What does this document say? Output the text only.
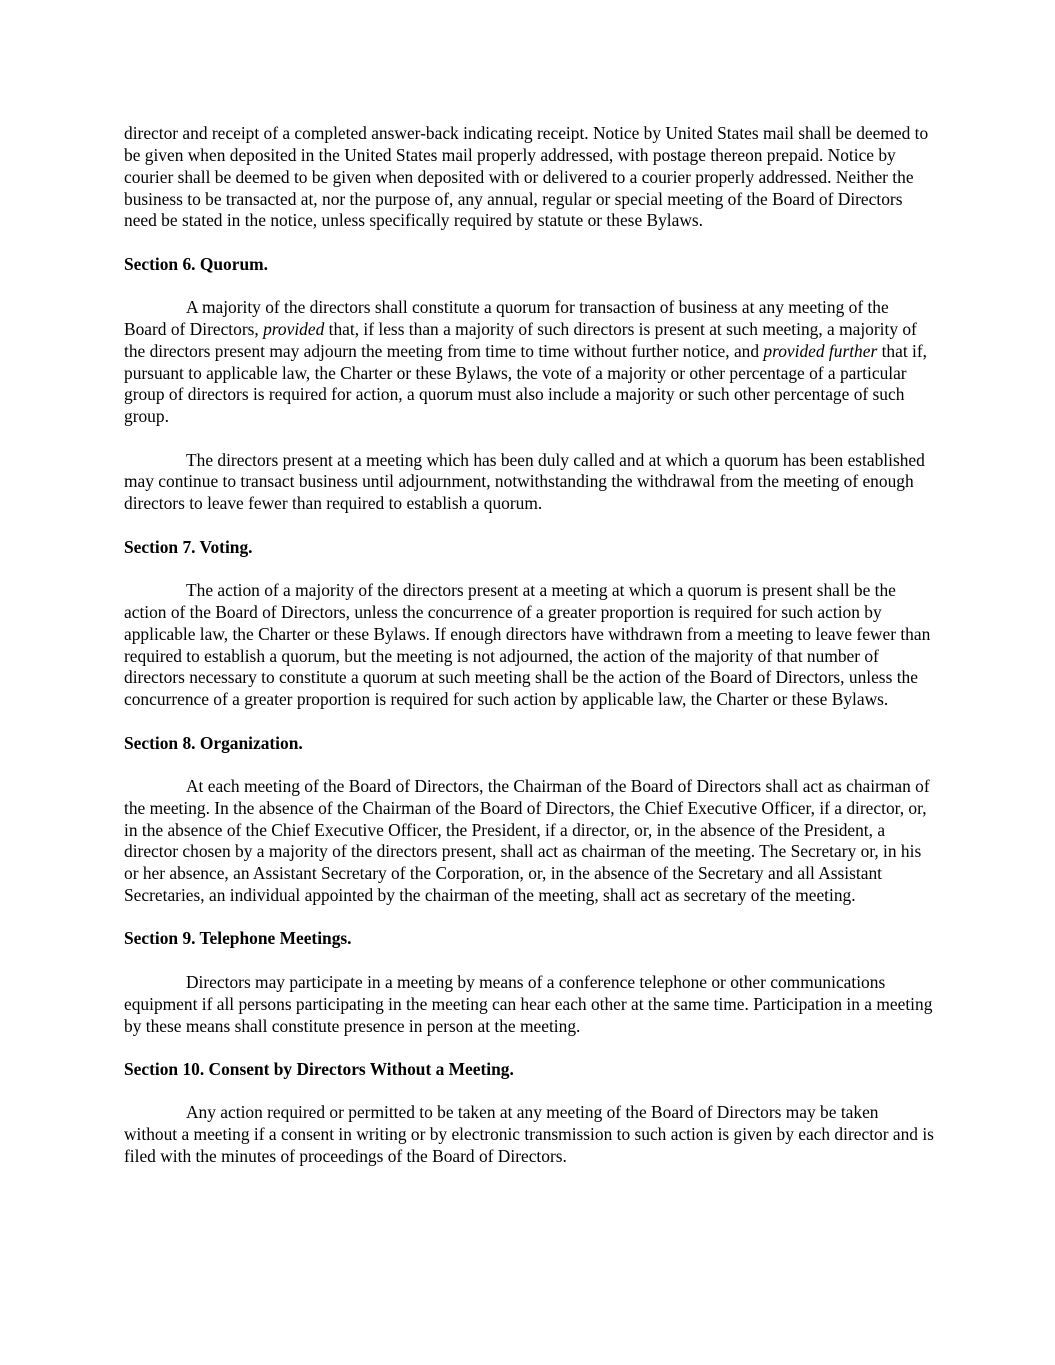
director and receipt of a completed answer-back indicating receipt. Notice by United States mail shall be deemed to be given when deposited in the United States mail properly addressed, with postage thereon prepaid. Notice by courier shall be deemed to be given when deposited with or delivered to a courier properly addressed. Neither the business to be transacted at, nor the purpose of, any annual, regular or special meeting of the Board of Directors need be stated in the notice, unless specifically required by statute or these Bylaws.

Section 6. Quorum.

A majority of the directors shall constitute a quorum for transaction of business at any meeting of the Board of Directors, provided that, if less than a majority of such directors is present at such meeting, a majority of the directors present may adjourn the meeting from time to time without further notice, and provided further that if, pursuant to applicable law, the Charter or these Bylaws, the vote of a majority or other percentage of a particular group of directors is required for action, a quorum must also include a majority or such other percentage of such group.

The directors present at a meeting which has been duly called and at which a quorum has been established may continue to transact business until adjournment, notwithstanding the withdrawal from the meeting of enough directors to leave fewer than required to establish a quorum.

Section 7. Voting.

The action of a majority of the directors present at a meeting at which a quorum is present shall be the action of the Board of Directors, unless the concurrence of a greater proportion is required for such action by applicable law, the Charter or these Bylaws. If enough directors have withdrawn from a meeting to leave fewer than required to establish a quorum, but the meeting is not adjourned, the action of the majority of that number of directors necessary to constitute a quorum at such meeting shall be the action of the Board of Directors, unless the concurrence of a greater proportion is required for such action by applicable law, the Charter or these Bylaws.

Section 8. Organization.

At each meeting of the Board of Directors, the Chairman of the Board of Directors shall act as chairman of the meeting. In the absence of the Chairman of the Board of Directors, the Chief Executive Officer, if a director, or, in the absence of the Chief Executive Officer, the President, if a director, or, in the absence of the President, a director chosen by a majority of the directors present, shall act as chairman of the meeting. The Secretary or, in his or her absence, an Assistant Secretary of the Corporation, or, in the absence of the Secretary and all Assistant Secretaries, an individual appointed by the chairman of the meeting, shall act as secretary of the meeting.

Section 9. Telephone Meetings.

Directors may participate in a meeting by means of a conference telephone or other communications equipment if all persons participating in the meeting can hear each other at the same time. Participation in a meeting by these means shall constitute presence in person at the meeting.

Section 10. Consent by Directors Without a Meeting.

Any action required or permitted to be taken at any meeting of the Board of Directors may be taken without a meeting if a consent in writing or by electronic transmission to such action is given by each director and is filed with the minutes of proceedings of the Board of Directors.
